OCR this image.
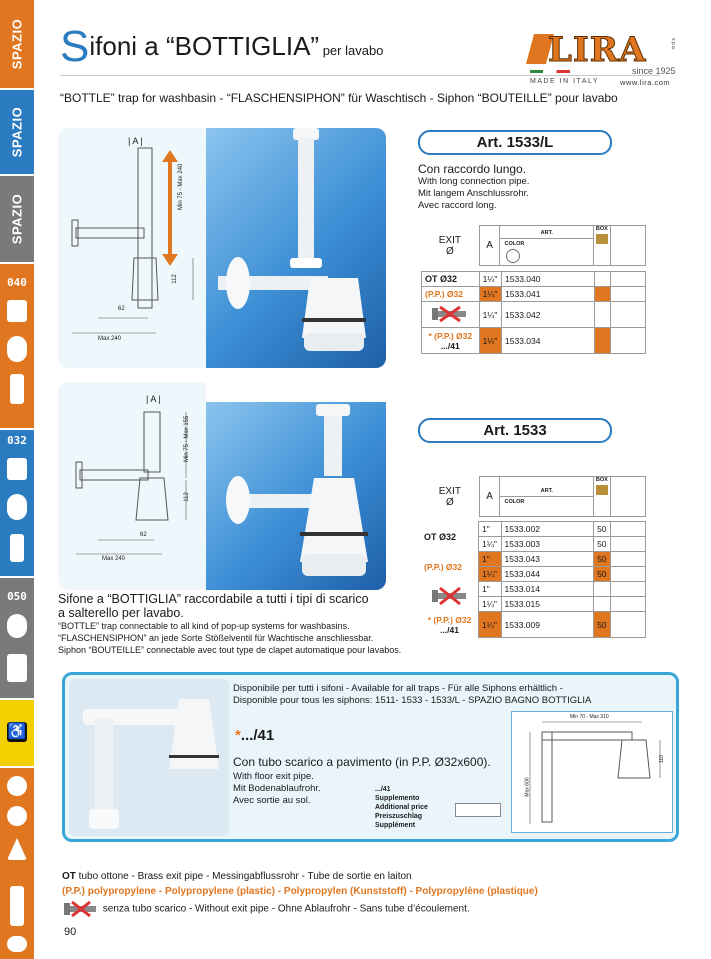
SPAZIO
SPAZIO
SPAZIO
040
032
050
♿
Sifoni a “BOTTIGLIA” per lavabo
“BOTTLE” trap for washbasin - “FLASCHENSIPHON” für Waschtisch - Siphon “BOUTEILLE” pour lavabo
LIRA	s.p.a.
since 1925
MADE IN ITALY	www.lira.com
| A |
Min 75 - Max 240
112
62
Max 240
Art. 1533/L
Con raccordo lungo.
With long connection pipe.
Mit langem Anschlussrohr.
Avec raccord long.
EXIT
Ø	A	
ART.
COLOR

BOX

OT Ø32	1¼"	1533.040		
(P.P.) Ø32	1¼"	1533.041		
	1¼"	1533.042		
* (P.P.) Ø32
.../41	1¼"	1533.034		
| A |
Min 75 - Max 155
112
62
Max 240
Art. 1533
EXIT
Ø	A	ART.
COLOR

BOX

OT Ø32	1"	1533.002	50	
	1¼"	1533.003	50	
(P.P.) Ø32	1"	1533.043	50	
	1¼"	1533.044	50	
	1"	1533.014		
	1¼"	1533.015		
* (P.P.) Ø32
.../41	1¼"	1533.009	50	
Sifone a “BOTTIGLIA” raccordabile a tutti i tipi di scarico
a salterello per lavabo.
“BOTTLE” trap connectable to all kind of pop-up systems for washbasins.
“FLASCHENSIPHON” an jede Sorte Stößelventil für Wachtische anschliessbar.
Siphon “BOUTEILLE” connectable avec tout type de clapet automatique pour lavabos.
Disponibile per tutti i sifoni - Available for all traps - Für alle Siphons erhältlich -
Disponible pour tous les siphons: 1511- 1533 - 1533/L - SPAZIO BAGNO BOTTIGLIA
*.../41
Con tubo scarico a pavimento (in P.P. Ø32x600).
With floor exit pipe.
Mit Bodenablaufrohr.
Avec sortie au sol.
.../41
Supplemento
Additional price
Preiszuschlag
Supplément
Min 70 - Max 310
Max 600
110
OT tubo ottone - Brass exit pipe - Messingabflussrohr - Tube de sortie en laiton
(P.P.) polypropylene - Polypropylene (plastic) - Polypropylen (Kunststoff) - Polypropylène (plastique)
senza tubo scarico - Without exit pipe - Ohne Ablaufrohr - Sans tube d’écoulement.
90
